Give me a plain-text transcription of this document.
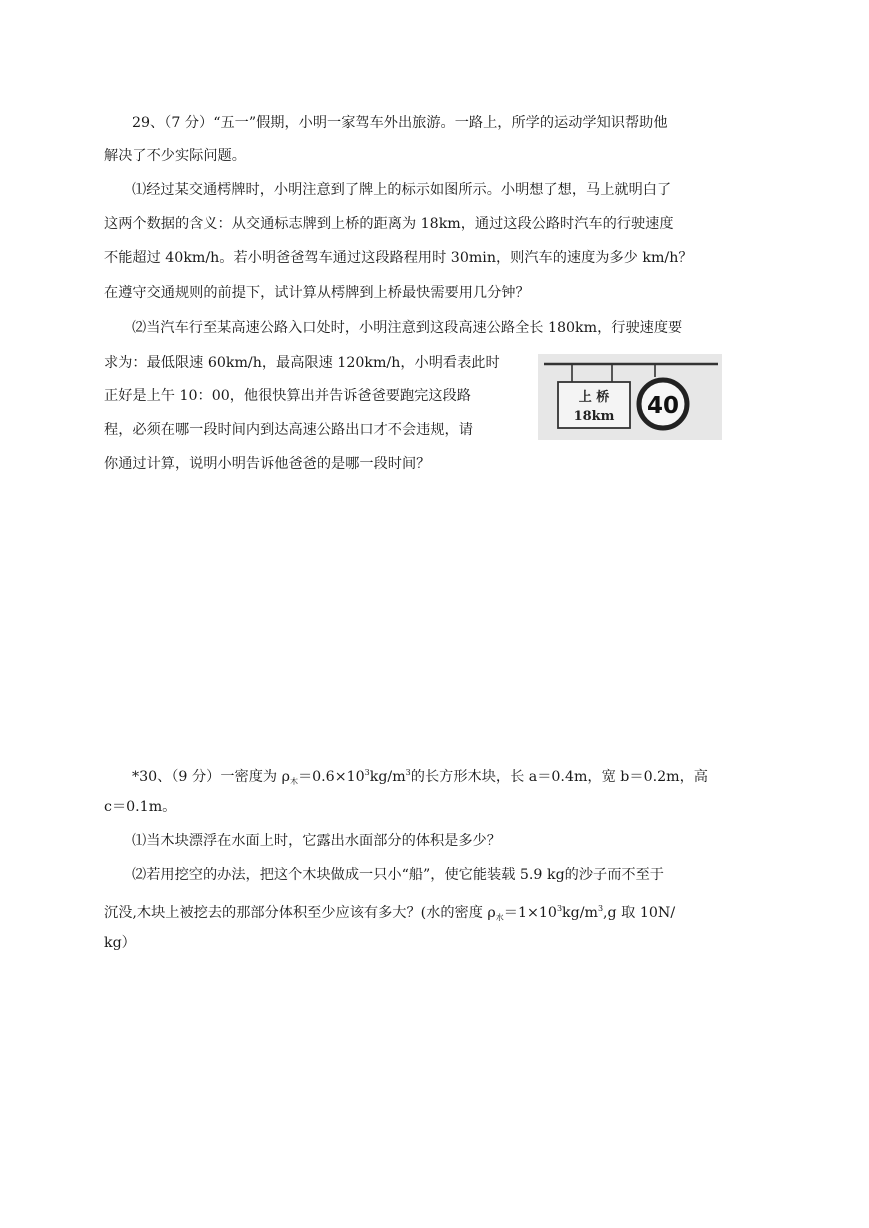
29、（7 分）“五一”假期，小明一家驾车外出旅游。一路上，所学的运动学知识帮助他
解决了不少实际问题。
⑴经过某交通樗牌时，小明注意到了牌上的标示如图所示。小明想了想，马上就明白了
这两个数据的含义：从交通标志牌到上桥的距离为 18km，通过这段公路时汽车的行驶速度
不能超过 40km/h。若小明爸爸驾车通过这段路程用时 30min，则汽车的速度为多少 km/h？
在遵守交通规则的前提下，试计算从樗牌到上桥最快需要用几分钟？
⑵当汽车行至某高速公路入口处时，小明注意到这段高速公路全长 180km，行驶速度要
求为：最低限速 60km/h，最高限速 120km/h，小明看表此时
正好是上午 10：00，他很快算出并告诉爸爸要跑完这段路
程，必须在哪一段时间内到达高速公路出口才不会违规，请
你通过计算，说明小明告诉他爸爸的是哪一段时间？
上 桥
18km 40
*30、（9 分）一密度为 $\rho_木=0.6\times 10^3kg/m^3$的长方形木块，长 a＝0.4m，宽 b＝0.2m，高
c＝0.1m。
⑴当木块漂浮在水面上时，它露出水面部分的体积是多少？
⑵若用挖空的办法，把这个木块做成一只小“船”，使它能装载 5.9 kg的沙子而不至于
沉没,木块上被挖去的那部分体积至少应该有多大？(水的密度 $\rho_水=1\times 10^3kg/m^3,g$ 取 10N/
kg）
